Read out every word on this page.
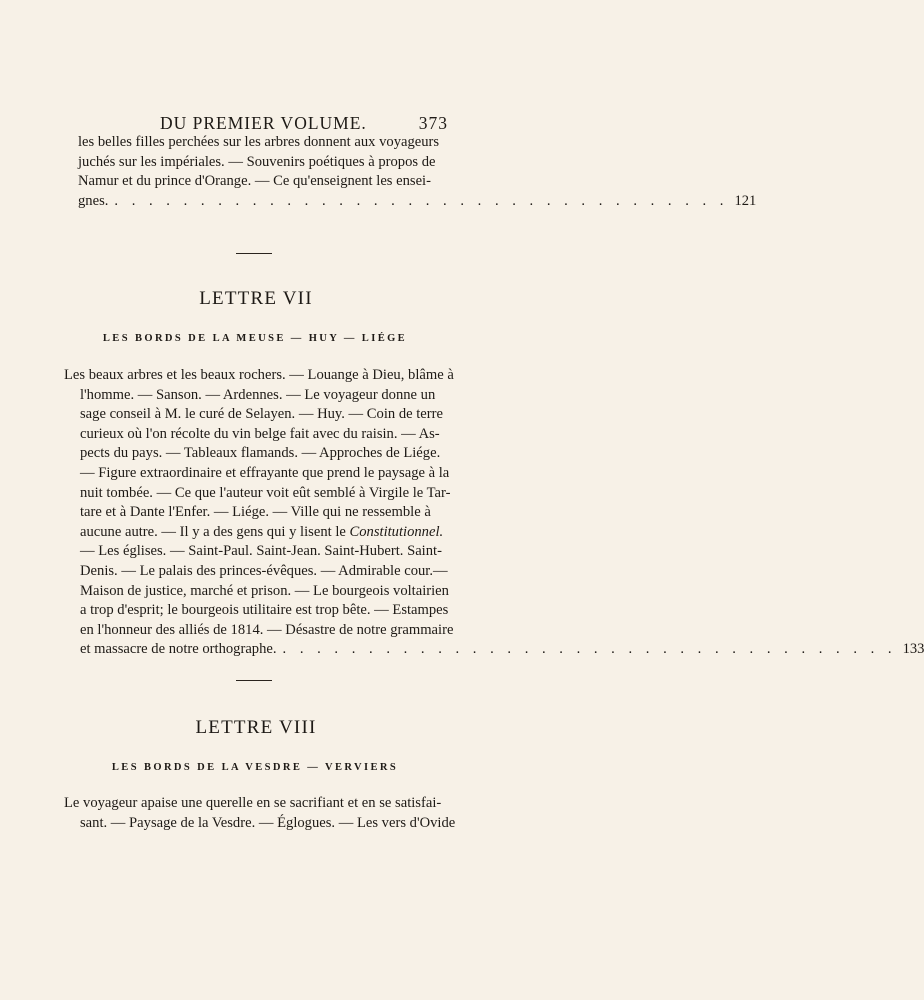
DU PREMIER VOLUME.	373
les belles filles perchées sur les arbres donnent aux voyageurs
juchés sur les impériales. — Souvenirs poétiques à propos de
Namur et du prince d'Orange. — Ce qu'enseignent les ensei-
gnes. . . . . . . . . . . . . . . . . . . . . . . . . . . . . . . . . . . . . 121
LETTRE VII
LES BORDS DE LA MEUSE — HUY — LIÉGE
Les beaux arbres et les beaux rochers. — Louange à Dieu, blâme à
l'homme. — Sanson. — Ardennes. — Le voyageur donne un
sage conseil à M. le curé de Selayen. — Huy. — Coin de terre
curieux où l'on récolte du vin belge fait avec du raisin. — As-
pects du pays. — Tableaux flamands. — Approches de Liége.
— Figure extraordinaire et effrayante que prend le paysage à la
nuit tombée. — Ce que l'auteur voit eût semblé à Virgile le Tar-
tare et à Dante l'Enfer. — Liége. — Ville qui ne ressemble à
aucune autre. — Il y a des gens qui y lisent le Constitutionnel.
— Les églises. — Saint-Paul. Saint-Jean. Saint-Hubert. Saint-
Denis. — Le palais des princes-évêques. — Admirable cour.—
Maison de justice, marché et prison. — Le bourgeois voltairien
a trop d'esprit; le bourgeois utilitaire est trop bête. — Estampes
en l'honneur des alliés de 1814. — Désastre de notre grammaire
et massacre de notre orthographe. . . . . . . . . . . . . . . . . . . . . . . . . . . . . . . . . . . . . 133
LETTRE VIII
LES BORDS DE LA VESDRE — VERVIERS
Le voyageur apaise une querelle en se sacrifiant et en se satisfai-
sant. — Paysage de la Vesdre. — Églogues. — Les vers d'Ovide
